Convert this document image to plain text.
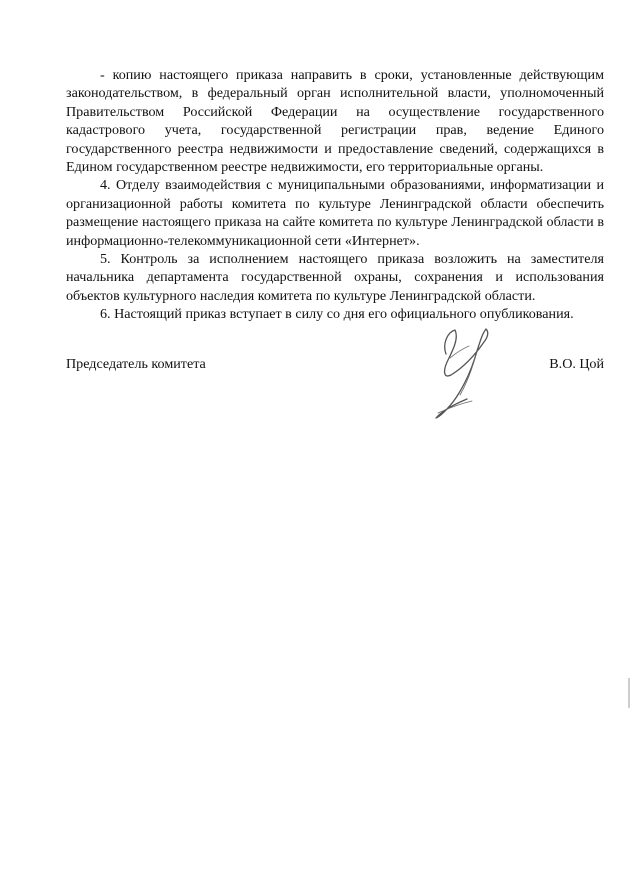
- копию настоящего приказа направить в сроки, установленные действующим законодательством, в федеральный орган исполнительной власти, уполномоченный Правительством Российской Федерации на осуществление государственного кадастрового учета, государственной регистрации прав, ведение Единого государственного реестра недвижимости и предоставление сведений, содержащихся в Едином государственном реестре недвижимости, его территориальные органы.

4. Отделу взаимодействия с муниципальными образованиями, информатизации и организационной работы комитета по культуре Ленинградской области обеспечить размещение настоящего приказа на сайте комитета по культуре Ленинградской области в информационно-телекоммуникационной сети «Интернет».

5. Контроль за исполнением настоящего приказа возложить на заместителя начальника департамента государственной охраны, сохранения и использования объектов культурного наследия комитета по культуре Ленинградской области.

6. Настоящий приказ вступает в силу со дня его официального опубликования.

Председатель комитета	В.О. Цой
